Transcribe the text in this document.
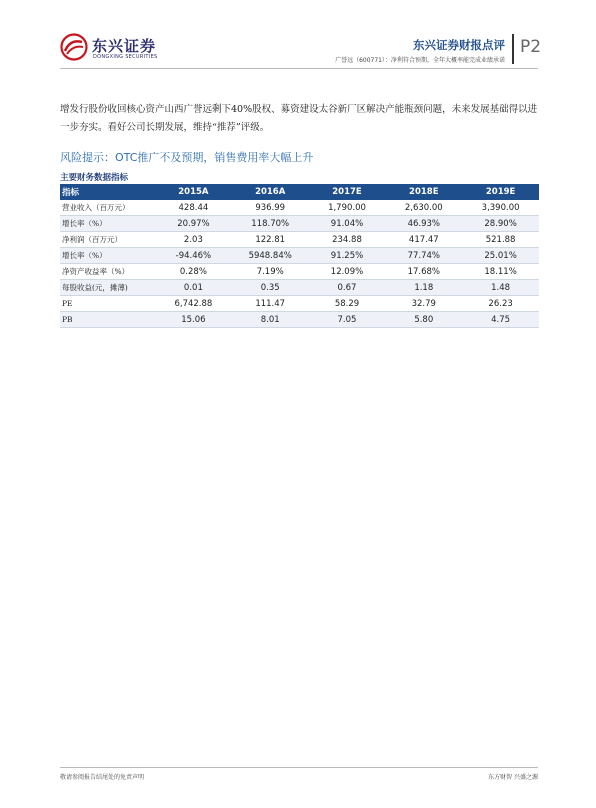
东兴证券
DONGXING SECURITIES
东兴证券财报点评
广誉远（600771）：净利符合预期，全年大概率能完成业绩承诺
P2
增发行股份收回核心资产山西广誉远剩下40%股权、募资建设太谷新厂区解决产能瓶颈问题，未来发展基础得以进一步夯实。看好公司长期发展，维持“推荐”评级。
风险提示：OTC推广不及预期，销售费用率大幅上升
主要财务数据指标
指标	2015A	2016A	2017E	2018E	2019E
营业收入（百万元）	428.44	936.99	1,790.00	2,630.00	3,390.00
增长率（%）	20.97%	118.70%	91.04%	46.93%	28.90%
净利润（百万元）	2.03	122.81	234.88	417.47	521.88
增长率（%）	-94.46%	5948.84%	91.25%	77.74%	25.01%
净资产收益率（%）	0.28%	7.19%	12.09%	17.68%	18.11%
每股收益(元，摊薄)	0.01	0.35	0.67	1.18	1.48
PE	6,742.88	111.47	58.29	32.79	26.23
PB	15.06	8.01	7.05	5.80	4.75
敬请参阅报告结尾处的免责声明	东方财智 兴盛之源
